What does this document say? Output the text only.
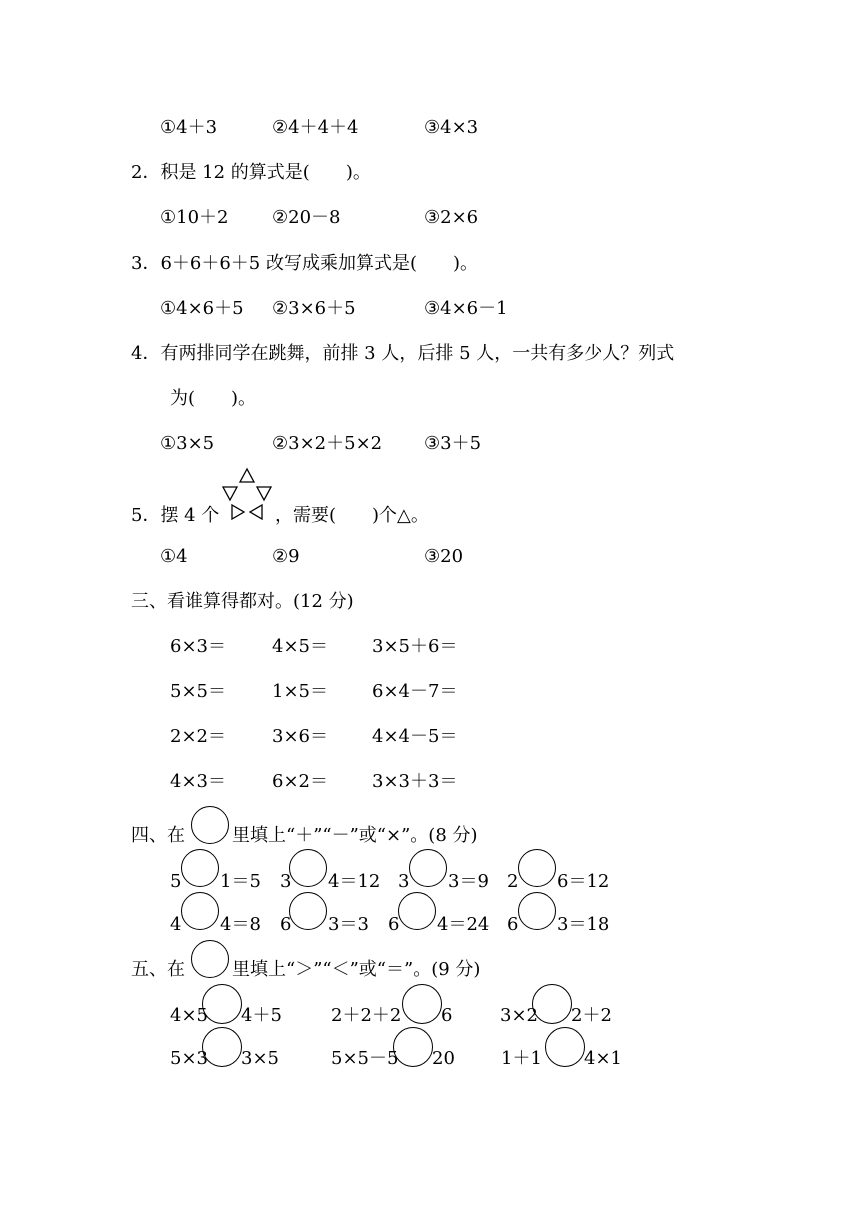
①4＋3	②4＋4＋4	③4×3
2．积是 12 的算式是(　　)。
①10＋2 ②20－8	③2×6
3．6＋6＋6＋5 改写成乘加算式是(　　)。
①4×6＋5 ②3×6＋5	③4×6－1
4．有两排同学在跳舞，前排 3 人，后排 5 人，一共有多少人？列式
为(　　)。
①3×5	②3×2＋5×2 ③3＋5
5．摆 4 个	，需要(　　)个△。
①4	②9	③20
三、看谁算得都对。(12 分)
6×3＝	4×5＝ 3×5＋6＝
5×5＝	1×5＝ 6×4－7＝
2×2＝	3×6＝ 4×4－5＝
4×3＝	6×2＝ 3×3＋3＝
四、在	里填上“＋”“－”或“×”。(8 分)
5 1＝5 3 4＝12 3 3＝9 2 6＝12
4 4＝8 6 3＝3 6 4＝24 6 3＝18
五、在	里填上“＞”“＜”或“＝”。(9 分)
4×5 4＋5	2＋2＋2 6	3×2 2＋2
5×3 3×5	5×5－5 20	1＋1 4×1
